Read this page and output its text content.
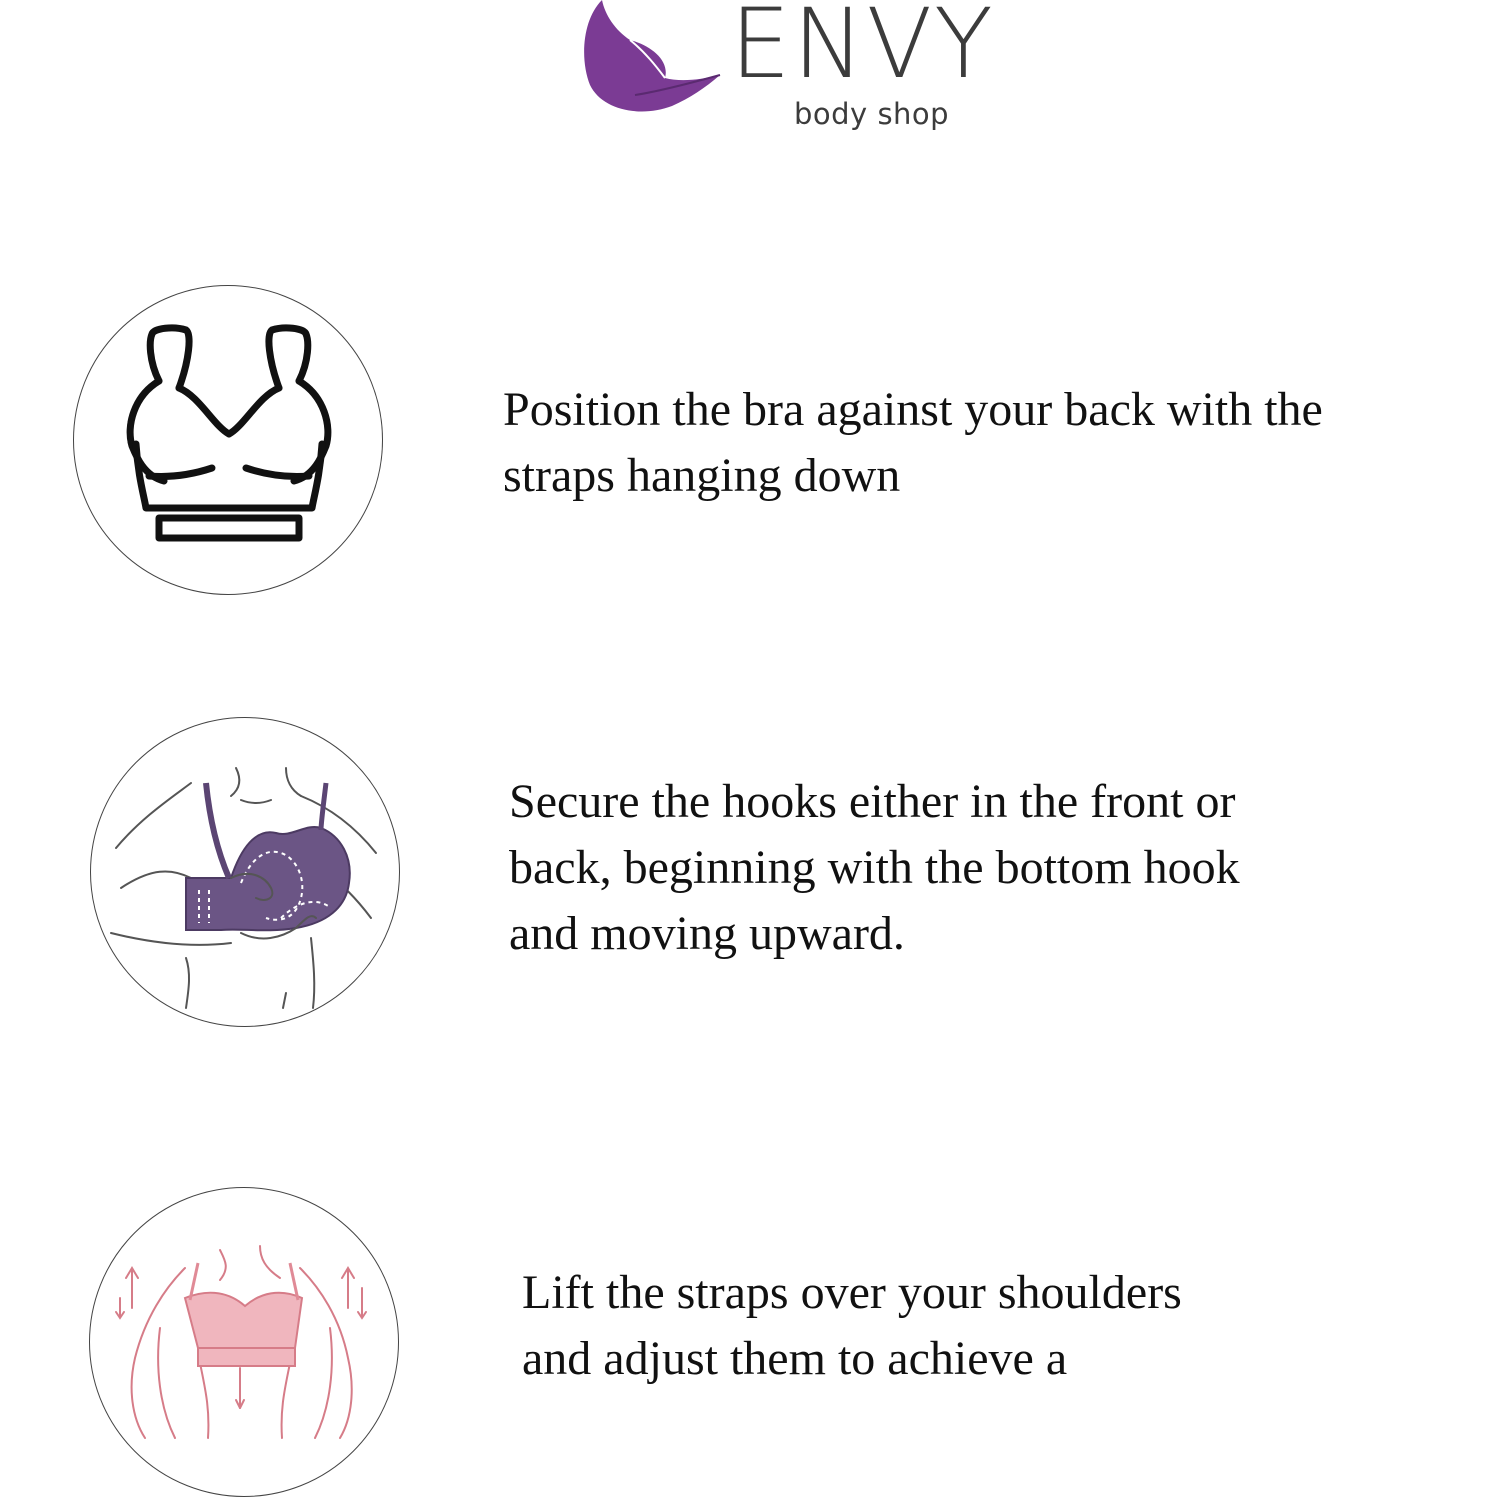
ENVY
body shop
Position the bra against your back with the
straps hanging down
Secure the hooks either in the front or
back, beginning with the bottom hook
and moving upward.
Lift the straps over your shoulders
and adjust them to achieve a
